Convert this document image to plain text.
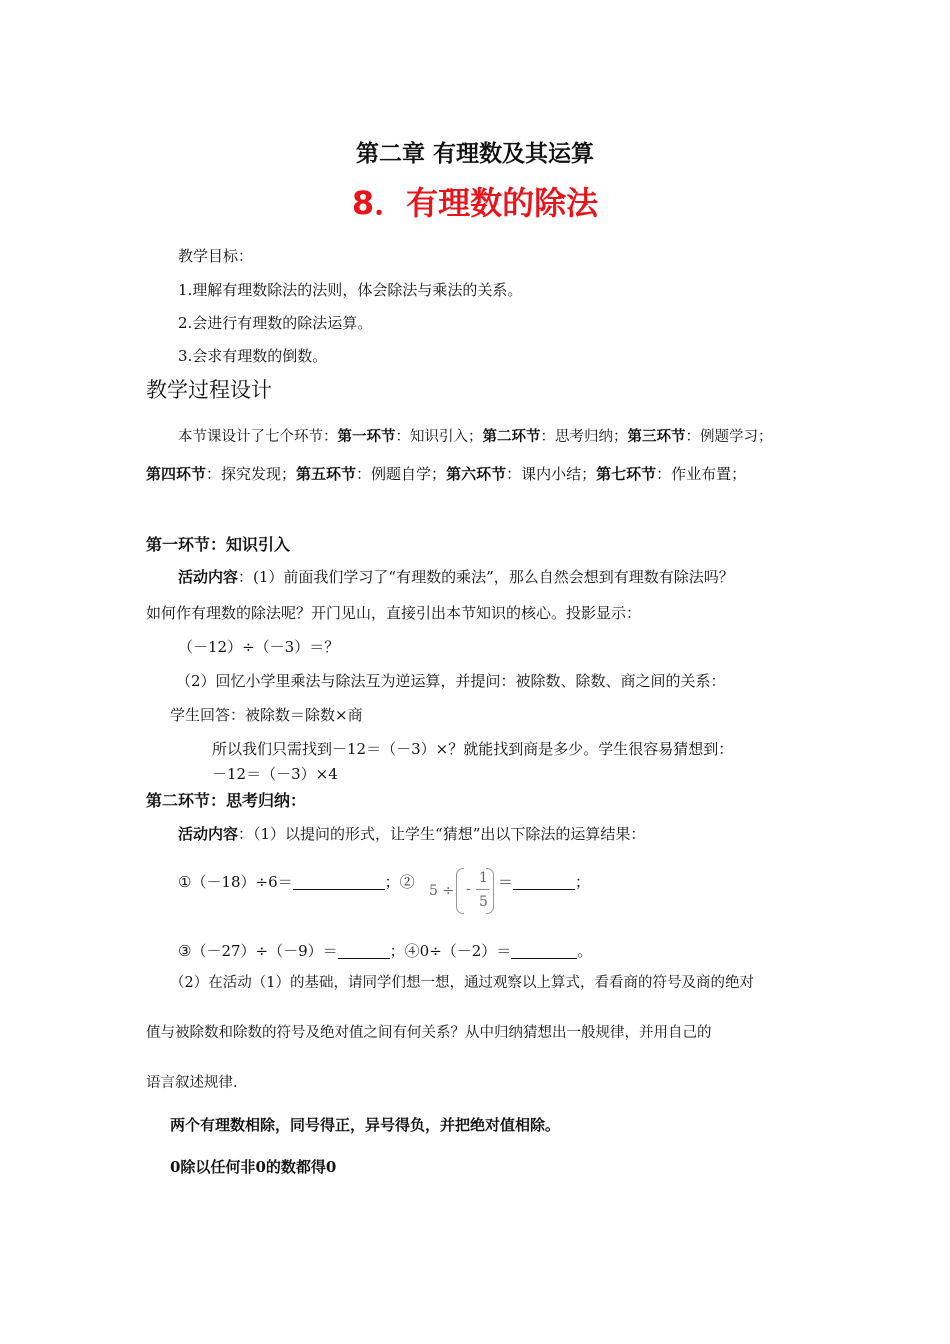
第二章 有理数及其运算
8．有理数的除法
教学目标：
1.理解有理数除法的法则，体会除法与乘法的关系。
2.会进行有理数的除法运算。
3.会求有理数的倒数。
教学过程设计
本节课设计了七个环节：第一环节：知识引入；第二环节：思考归纳；第三环节：例题学习；
第四环节：探究发现；第五环节：例题自学；第六环节：课内小结；第七环节：作业布置；
第一环节：知识引入
活动内容：(1）前面我们学习了“有理数的乘法”，那么自然会想到有理数有除法吗？
如何作有理数的除法呢？开门见山，直接引出本节知识的核心。投影显示：
（－12）÷（－3）＝？
（2）回忆小学里乘法与除法互为逆运算，并提问：被除数、除数、商之间的关系：
学生回答：被除数＝除数×商
所以我们只需找到－12＝（－3）×？就能找到商是多少。学生很容易猜想到：
－12＝（－3）×4
第二环节：思考归纳：
活动内容：（1）以提问的形式，让学生“猜想”出以下除法的运算结果：
①（－18）÷6＝	；② 5 ÷ -
1
5
＝	；
③（－27）÷（－9）＝	；④0÷（－2）＝	。
（2）在活动（1）的基础，请同学们想一想，通过观察以上算式，看看商的符号及商的绝对
值与被除数和除数的符号及绝对值之间有何关系？从中归纳猜想出一般规律，并用自己的
语言叙述规律.
两个有理数相除，同号得正，异号得负，并把绝对值相除。
0除以任何非0的数都得0
